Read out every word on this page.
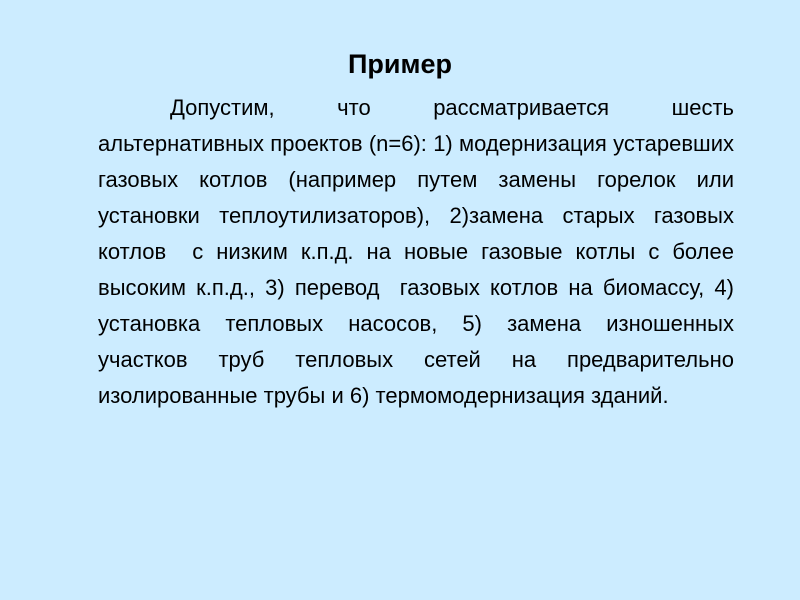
Пример

Допустим, что рассматривается шесть альтернативных проектов (n=6): 1) модернизация устаревших газовых котлов (например путем замены горелок или установки теплоутилизаторов), 2)замена старых газовых котлов  с низким к.п.д. на новые газовые котлы с более высоким к.п.д., 3) перевод  газовых котлов на биомассу, 4) установка тепловых насосов, 5) замена изношенных  участков труб тепловых сетей на предварительно изолированные трубы и 6) термомодернизация зданий.
